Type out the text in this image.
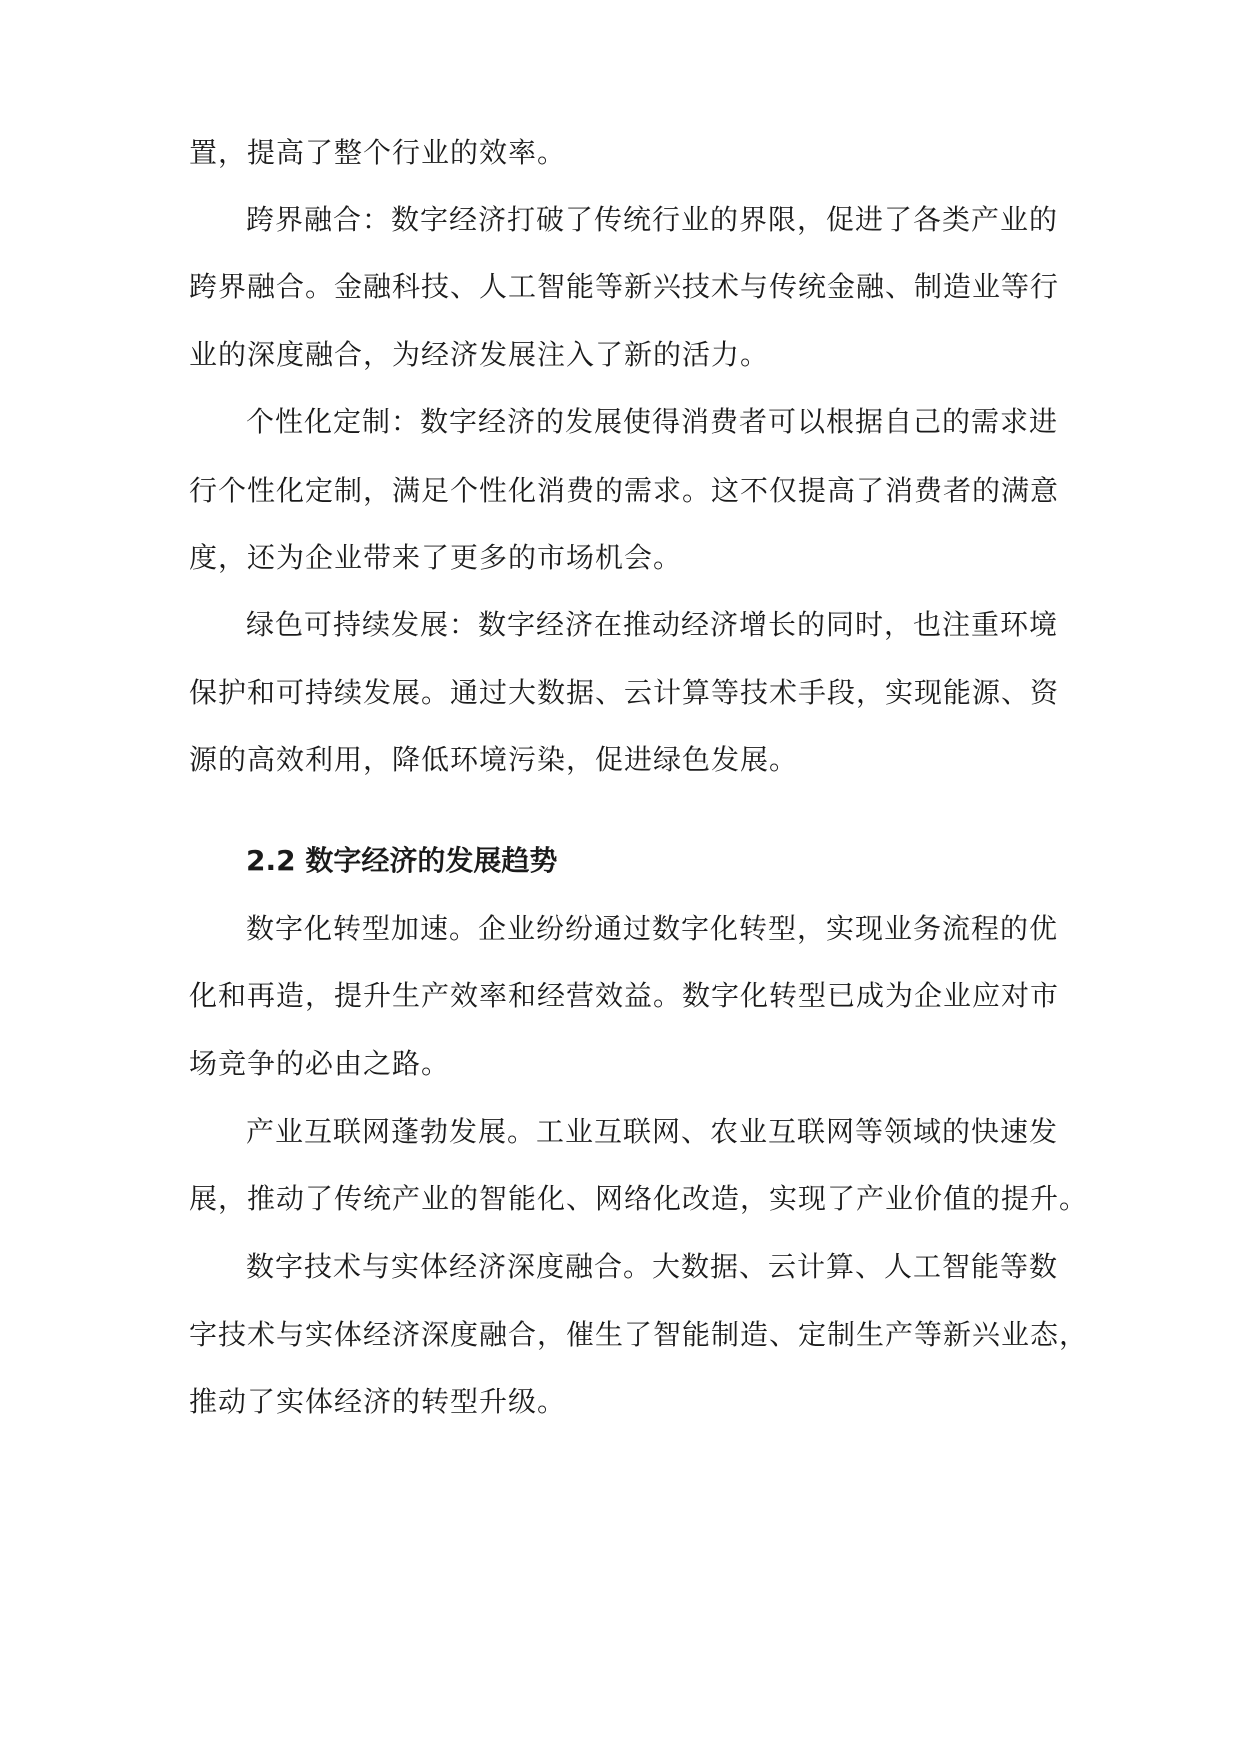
置，提高了整个行业的效率。
跨界融合：数字经济打破了传统行业的界限，促进了各类产业的
跨界融合。金融科技、人工智能等新兴技术与传统金融、制造业等行
业的深度融合，为经济发展注入了新的活力。
个性化定制：数字经济的发展使得消费者可以根据自己的需求进
行个性化定制，满足个性化消费的需求。这不仅提高了消费者的满意
度，还为企业带来了更多的市场机会。
绿色可持续发展：数字经济在推动经济增长的同时，也注重环境
保护和可持续发展。通过大数据、云计算等技术手段，实现能源、资
源的高效利用，降低环境污染，促进绿色发展。
2.2 数字经济的发展趋势
数字化转型加速。企业纷纷通过数字化转型，实现业务流程的优
化和再造，提升生产效率和经营效益。数字化转型已成为企业应对市
场竞争的必由之路。
产业互联网蓬勃发展。工业互联网、农业互联网等领域的快速发
展，推动了传统产业的智能化、网络化改造，实现了产业价值的提升。
数字技术与实体经济深度融合。大数据、云计算、人工智能等数
字技术与实体经济深度融合，催生了智能制造、定制生产等新兴业态，
推动了实体经济的转型升级。
